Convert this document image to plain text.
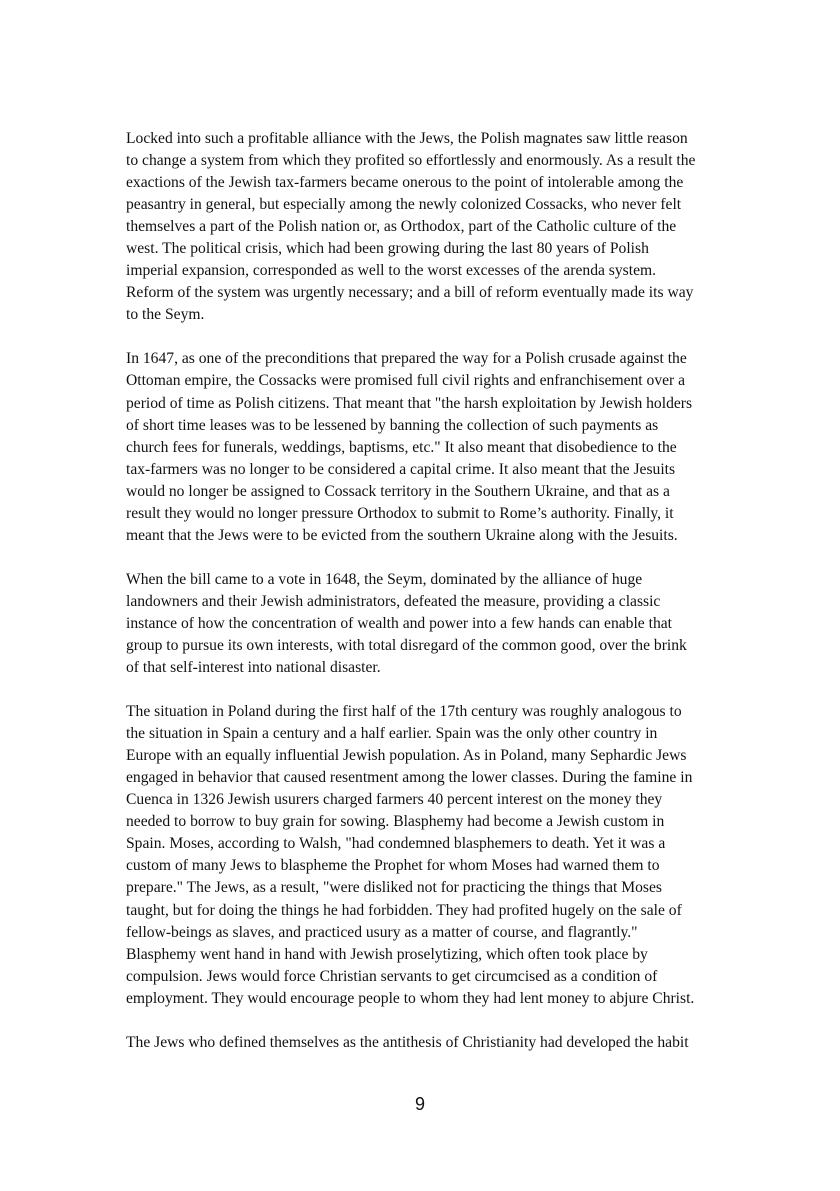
Locked into such a profitable alliance with the Jews, the Polish magnates saw little reason
to change a system from which they profited so effortlessly and enormously. As a result the
exactions of the Jewish tax-farmers became onerous to the point of intolerable among the
peasantry in general, but especially among the newly colonized Cossacks, who never felt
themselves a part of the Polish nation or, as Orthodox, part of the Catholic culture of the
west. The political crisis, which had been growing during the last 80 years of Polish
imperial expansion, corresponded as well to the worst excesses of the arenda system.
Reform of the system was urgently necessary; and a bill of reform eventually made its way
to the Seym.

In 1647, as one of the preconditions that prepared the way for a Polish crusade against the
Ottoman empire, the Cossacks were promised full civil rights and enfranchisement over a
period of time as Polish citizens. That meant that "the harsh exploitation by Jewish holders
of short time leases was to be lessened by banning the collection of such payments as
church fees for funerals, weddings, baptisms, etc." It also meant that disobedience to the
tax-farmers was no longer to be considered a capital crime. It also meant that the Jesuits
would no longer be assigned to Cossack territory in the Southern Ukraine, and that as a
result they would no longer pressure Orthodox to submit to Rome’s authority. Finally, it
meant that the Jews were to be evicted from the southern Ukraine along with the Jesuits.

When the bill came to a vote in 1648, the Seym, dominated by the alliance of huge
landowners and their Jewish administrators, defeated the measure, providing a classic
instance of how the concentration of wealth and power into a few hands can enable that
group to pursue its own interests, with total disregard of the common good, over the brink
of that self-interest into national disaster.

The situation in Poland during the first half of the 17th century was roughly analogous to
the situation in Spain a century and a half earlier. Spain was the only other country in
Europe with an equally influential Jewish population. As in Poland, many Sephardic Jews
engaged in behavior that caused resentment among the lower classes. During the famine in
Cuenca in 1326 Jewish usurers charged farmers 40 percent interest on the money they
needed to borrow to buy grain for sowing. Blasphemy had become a Jewish custom in
Spain. Moses, according to Walsh, "had condemned blasphemers to death. Yet it was a
custom of many Jews to blaspheme the Prophet for whom Moses had warned them to
prepare." The Jews, as a result, "were disliked not for practicing the things that Moses
taught, but for doing the things he had forbidden. They had profited hugely on the sale of
fellow-beings as slaves, and practiced usury as a matter of course, and flagrantly."
Blasphemy went hand in hand with Jewish proselytizing, which often took place by
compulsion. Jews would force Christian servants to get circumcised as a condition of
employment. They would encourage people to whom they had lent money to abjure Christ.

The Jews who defined themselves as the antithesis of Christianity had developed the habit

9
